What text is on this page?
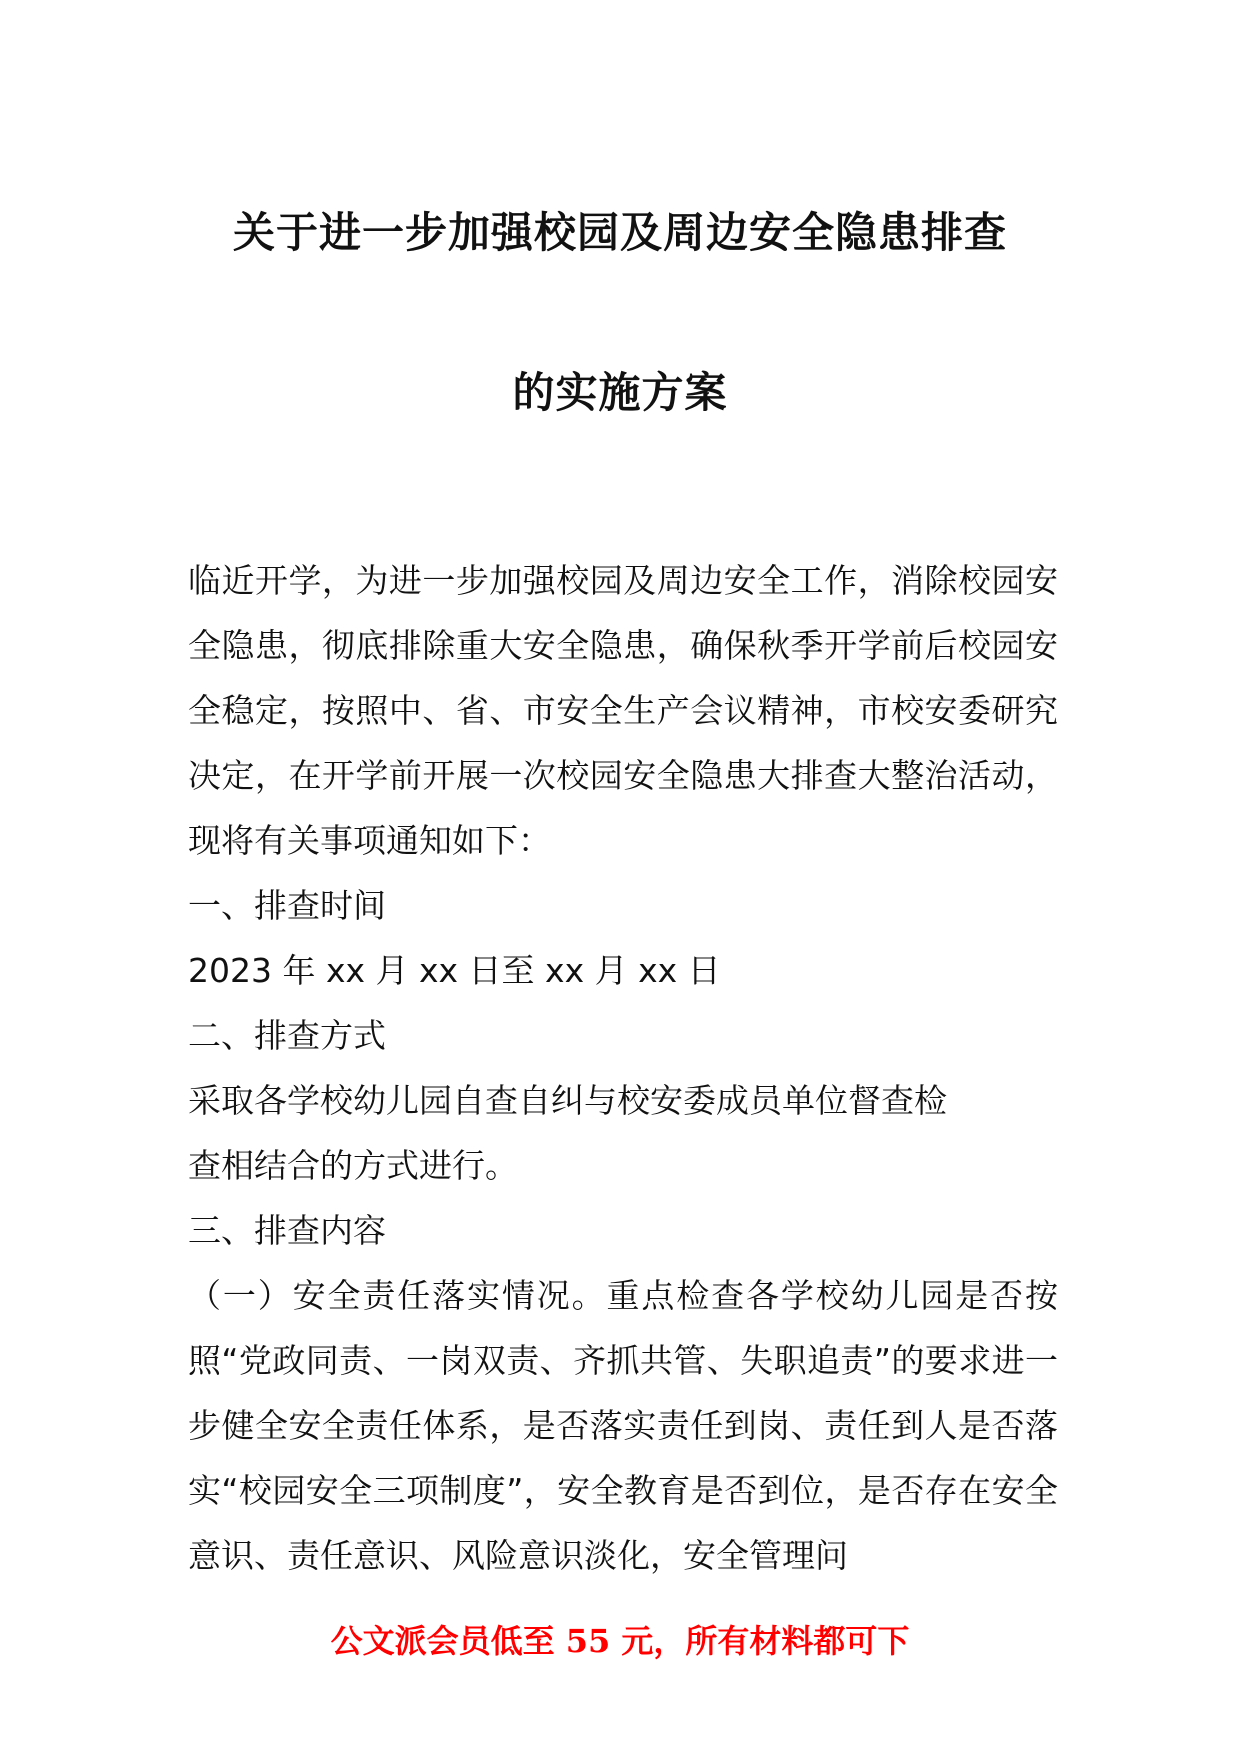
关于进一步加强校园及周边安全隐患排查
的实施方案

临近开学，为进一步加强校园及周边安全工作，消除校园安全隐患，彻底排除重大安全隐患，确保秋季开学前后校园安全稳定，按照中、省、市安全生产会议精神，市校安委研究决定，在开学前开展一次校园安全隐患大排查大整治活动，现将有关事项通知如下：

一、排查时间

2023 年 xx 月 xx 日至 xx 月 xx 日

二、排查方式

采取各学校幼儿园自查自纠与校安委成员单位督查检

查相结合的方式进行。

三、排查内容

（一）安全责任落实情况。重点检查各学校幼儿园是否按照“党政同责、一岗双责、齐抓共管、失职追责”的要求进一步健全安全责任体系，是否落实责任到岗、责任到人是否落实“校园安全三项制度”，安全教育是否到位，是否存在安全意识、责任意识、风险意识淡化，安全管理问

公文派会员低至 55 元，所有材料都可下
